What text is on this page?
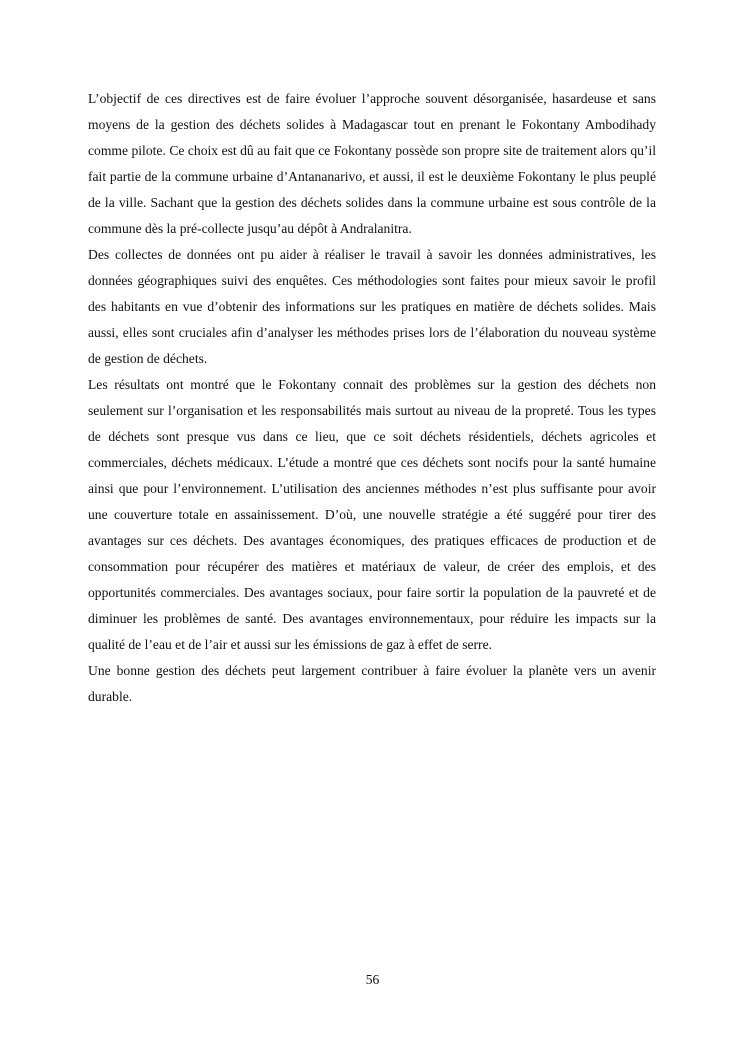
L’objectif de ces directives est de faire évoluer l’approche souvent désorganisée, hasardeuse et sans moyens de la gestion des déchets solides à Madagascar tout en prenant le Fokontany Ambodihady comme pilote. Ce choix est dû au fait que ce Fokontany possède son propre site de traitement alors qu’il fait partie de la commune urbaine d’Antananarivo, et aussi, il est le deuxième Fokontany le plus peuplé de la ville. Sachant que la gestion des déchets solides dans la commune urbaine est sous contrôle de la commune dès la pré-collecte jusqu’au dépôt à Andralanitra.

Des collectes de données ont pu aider à réaliser le travail à savoir les données administratives, les données géographiques suivi des enquêtes. Ces méthodologies sont faites pour mieux savoir le profil des habitants en vue d’obtenir des informations sur les pratiques en matière de déchets solides. Mais aussi, elles sont cruciales afin d’analyser les méthodes prises lors de l’élaboration du nouveau système de gestion de déchets.

Les résultats ont montré que le Fokontany connait des problèmes sur la gestion des déchets non seulement sur l’organisation et les responsabilités mais surtout au niveau de la propreté. Tous les types de déchets sont presque vus dans ce lieu, que ce soit déchets résidentiels, déchets agricoles et commerciales, déchets médicaux. L’étude a montré que ces déchets sont nocifs pour la santé humaine ainsi que pour l’environnement. L’utilisation des anciennes méthodes n’est plus suffisante pour avoir une couverture totale en assainissement. D’où, une nouvelle stratégie a été suggéré pour tirer des avantages sur ces déchets. Des avantages économiques, des pratiques efficaces de production et de consommation pour récupérer des matières et matériaux de valeur, de créer des emplois, et des opportunités commerciales. Des avantages sociaux, pour faire sortir la population de la pauvreté et de diminuer les problèmes de santé. Des avantages environnementaux, pour réduire les impacts sur la qualité de l’eau et de l’air et aussi sur les émissions de gaz à effet de serre.

Une bonne gestion des déchets peut largement contribuer à faire évoluer la planète vers un avenir durable.

56
